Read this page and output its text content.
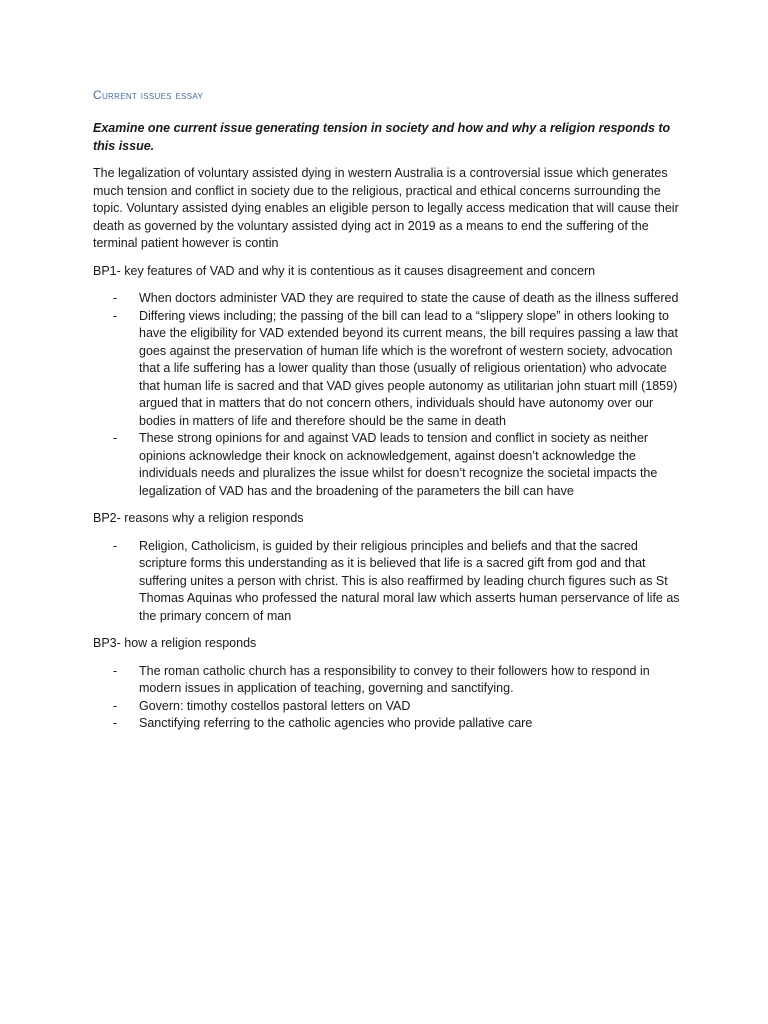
Current issues essay
Examine one current issue generating tension in society and how and why a religion responds to this issue.
The legalization of voluntary assisted dying in western Australia is a controversial issue which generates much tension and conflict in society due to the religious, practical and ethical concerns surrounding the topic. Voluntary assisted dying enables an eligible person to legally access medication that will cause their death as governed by the voluntary assisted dying act in 2019 as a means to end the suffering of the terminal patient however is contin
BP1- key features of VAD and why it is contentious as it causes disagreement and concern
- When doctors administer VAD they are required to state the cause of death as the illness suffered
- Differing views including; the passing of the bill can lead to a “slippery slope” in others looking to have the eligibility for VAD extended beyond its current means, the bill requires passing a law that goes against the preservation of human life which is the worefront of western society, advocation that a life suffering has a lower quality than those (usually of religious orientation) who advocate that human life is sacred and that VAD gives people autonomy as utilitarian john stuart mill (1859) argued that in matters that do not concern others, individuals should have autonomy over our bodies in matters of life and therefore should be the same in death
- These strong opinions for and against VAD leads to tension and conflict in society as neither opinions acknowledge their knock on acknowledgement, against doesn’t acknowledge the individuals needs and pluralizes the issue whilst for doesn’t recognize the societal impacts the legalization of VAD has and the broadening of the parameters the bill can have
BP2- reasons why a religion responds
- Religion, Catholicism, is guided by their religious principles and beliefs and that the sacred scripture forms this understanding as it is believed that life is a sacred gift from god and that suffering unites a person with christ. This is also reaffirmed by leading church figures such as St Thomas Aquinas who professed the natural moral law which asserts human perservance of life as the primary concern of man
BP3- how a religion responds
- The roman catholic church has a responsibility to convey to their followers how to respond in modern issues in application of teaching, governing and sanctifying.
- Govern: timothy costellos pastoral letters on VAD
- Sanctifying referring to the catholic agencies who provide pallative care
